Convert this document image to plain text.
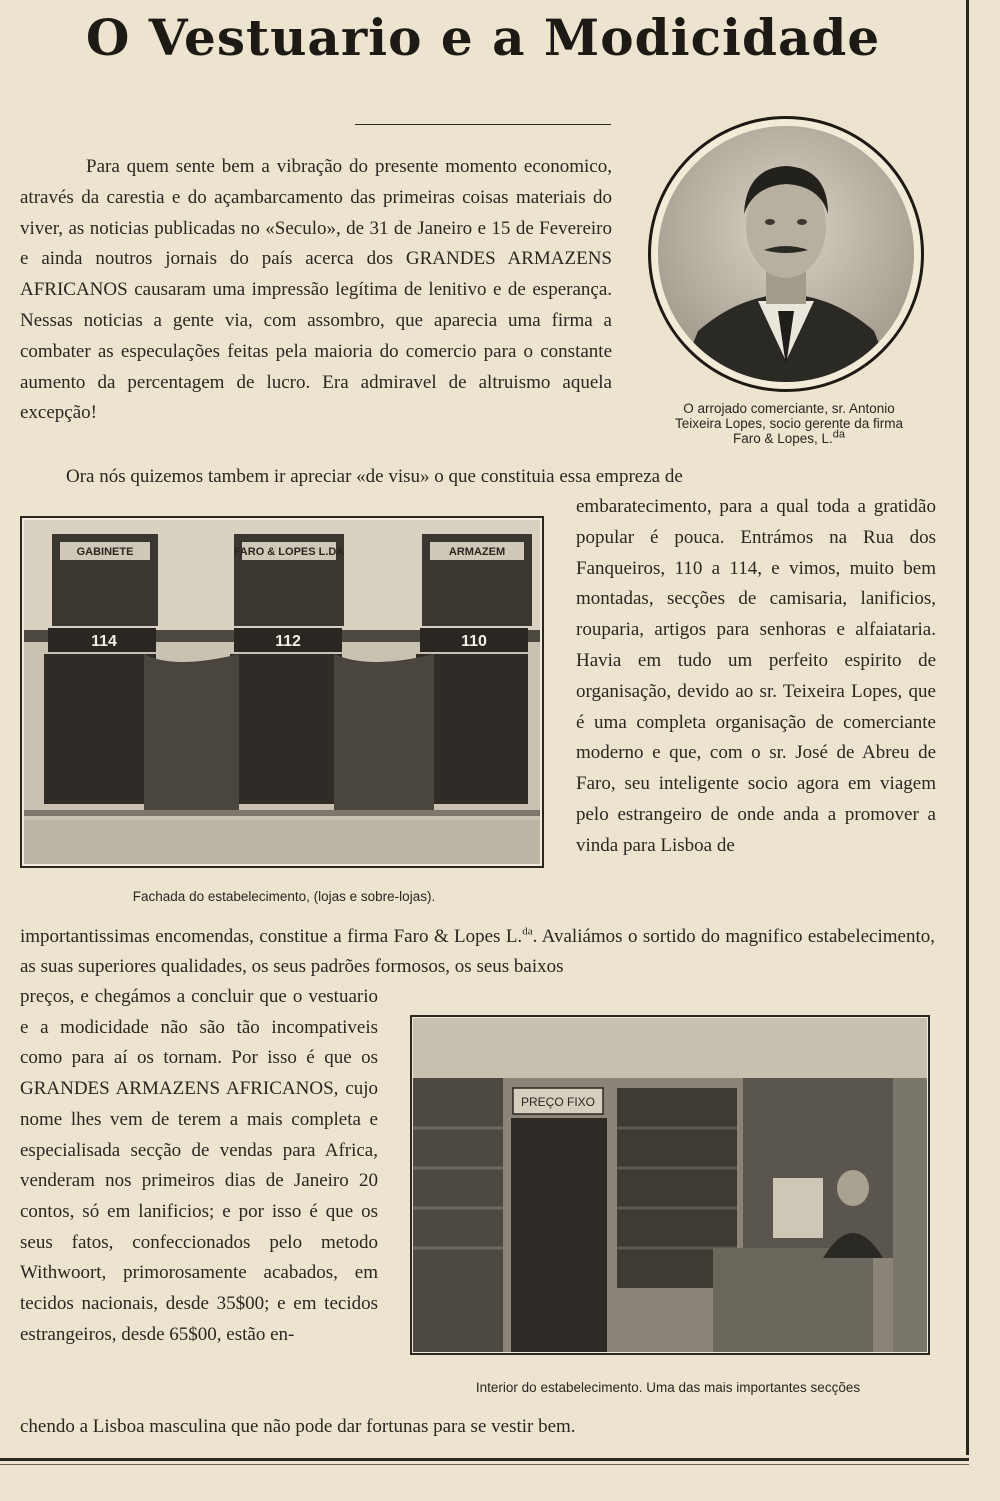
O Vestuario e a Modicidade

Para quem sente bem a vibração do presente momento economico, através da carestia e do açambarcamento das primeiras coisas materiais do viver, as noticias publicadas no «Seculo», de 31 de Janeiro e 15 de Fevereiro e ainda noutros jornais do país acerca dos GRANDES ARMAZENS AFRICANOS causaram uma impressão legítima de lenitivo e de esperança. Nessas noticias a gente via, com assombro, que aparecia uma firma a combater as especulações feitas pela maioria do comercio para o constante aumento da percentagem de lucro. Era admiravel de altruismo aquela excepção!	O arrojado comerciante, sr. Antonio
Teixeira Lopes, socio gerente da firma
Faro & Lopes, L.$^{da}$

Ora nós quizemos tambem ir apreciar «de visu» o que constituia essa empreza de

embaratecimento, para a qual toda a gratidão popular é pouca. Entrámos na Rua dos Fanqueiros, 110 a 114, e vimos, muito bem montadas, secções de camisaria, lanificios, rouparia, artigos para senhoras e alfaiataria. Havia em tudo um perfeito espirito de organisação, devido ao sr. Teixeira Lopes, que é uma completa organisação de comerciante moderno e que, com o sr. José de Abreu de Faro, seu inteligente socio agora em viagem pelo estrangeiro de onde anda a promover a vinda para Lisboa de

GABINETE	FARO & LOPES L.DA	ARMAZEM
114	112	110

Fachada do estabelecimento, (lojas e sobre-lojas).

importantissimas encomendas, constitue a firma Faro & Lopes L.$^{da}$. Avaliámos o sortido do magnifico estabelecimento, as suas superiores qualidades, os seus padrões formosos, os seus baixos

preços, e chegámos a concluir que o vestuario e a modicidade não são tão incompativeis como para aí os tornam. Por isso é que os GRANDES ARMAZENS AFRICANOS, cujo nome lhes vem de terem a mais completa e especialisada secção de vendas para Africa, venderam nos primeiros dias de Janeiro 20 contos, só em lanificios; e por isso é que os seus fatos, confeccionados pelo metodo Withwoort, primorosamente acabados, em tecidos nacionais, desde 35$00; e em tecidos estrangeiros, desde 65$00, estão en-

PREÇO FIXO

Interior do estabelecimento. Uma das mais importantes secções

chendo a Lisboa masculina que não pode dar fortunas para se vestir bem.
